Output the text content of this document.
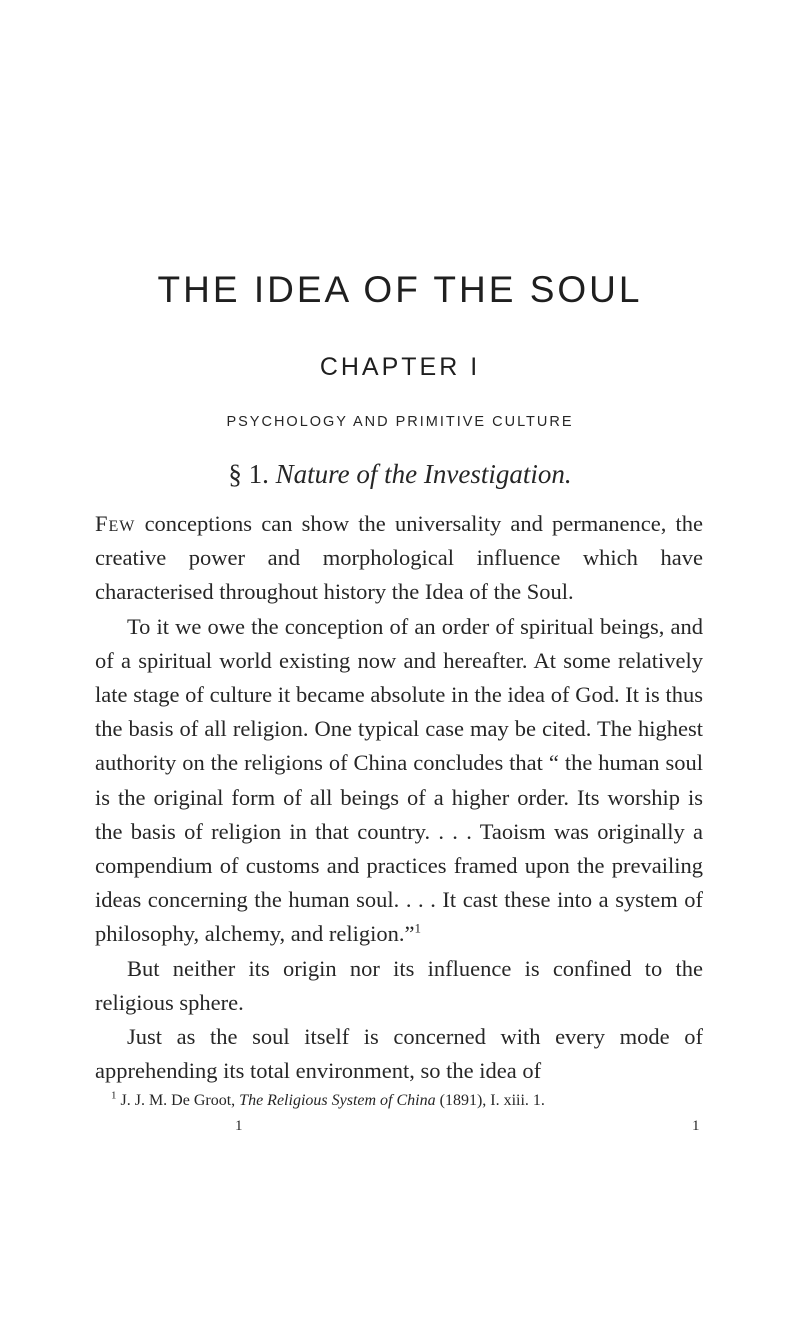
THE IDEA OF THE SOUL
CHAPTER I
PSYCHOLOGY AND PRIMITIVE CULTURE
§ 1. Nature of the Investigation.

Few conceptions can show the universality and permanence, the creative power and morphological influence which have characterised throughout history the Idea of the Soul.

To it we owe the conception of an order of spiritual beings, and of a spiritual world existing now and hereafter. At some relatively late stage of culture it became absolute in the idea of God. It is thus the basis of all religion. One typical case may be cited. The highest authority on the religions of China concludes that “ the human soul is the original form of all beings of a higher order. Its worship is the basis of religion in that country. . . . Taoism was originally a compendium of customs and practices framed upon the prevailing ideas concerning the human soul. . . . It cast these into a system of philosophy, alchemy, and religion.”$^1$

But neither its origin nor its influence is confined to the religious sphere.

Just as the soul itself is concerned with every mode of apprehending its total environment, so the idea of

$^1$ J. J. M. De Groot, The Religious System of China (1891), I. xiii. 1.
1	1
